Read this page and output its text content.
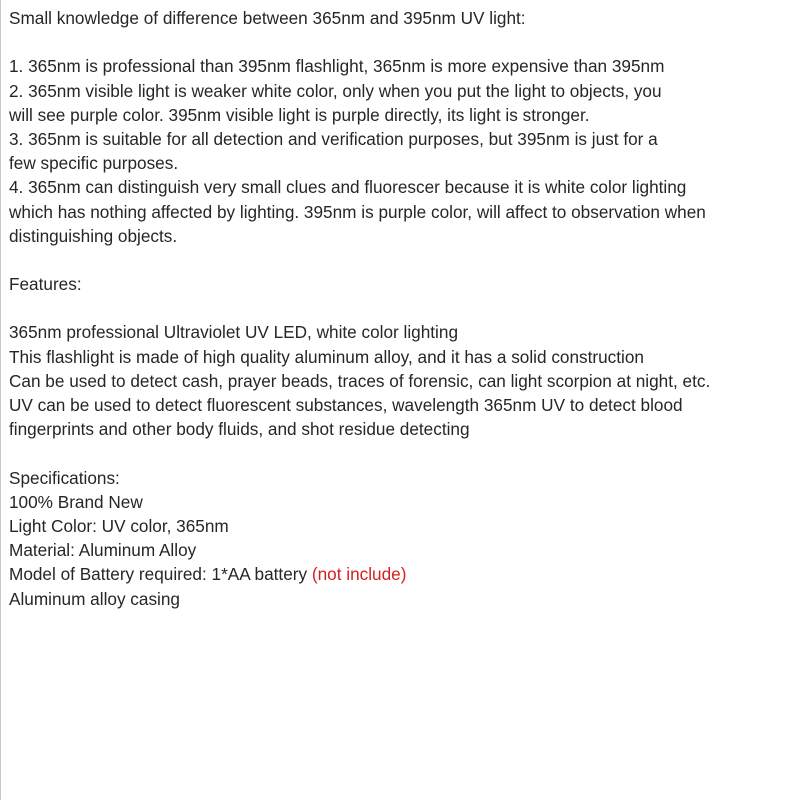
Small knowledge of difference between 365nm and 395nm UV light:
1. 365nm is professional than 395nm flashlight, 365nm is more expensive than 395nm
2. 365nm visible light is weaker white color, only when you put the light to objects, you
will see purple color. 395nm visible light is purple directly, its light is stronger.
3. 365nm is suitable for all detection and verification purposes, but 395nm is just for a
few specific purposes.
4. 365nm can distinguish very small clues and fluorescer because it is white color lighting
which has nothing affected by lighting. 395nm is purple color, will affect to observation when
distinguishing objects.
Features:
365nm professional Ultraviolet UV LED, white color lighting
This flashlight is made of high quality aluminum alloy, and it has a solid construction
Can be used to detect cash, prayer beads, traces of forensic, can light scorpion at night, etc.
UV can be used to detect fluorescent substances, wavelength 365nm UV to detect blood
fingerprints and other body fluids, and shot residue detecting
Specifications:
100% Brand New
Light Color: UV color, 365nm
Material: Aluminum Alloy
Model of Battery required: 1*AA battery (not include)
Aluminum alloy casing
